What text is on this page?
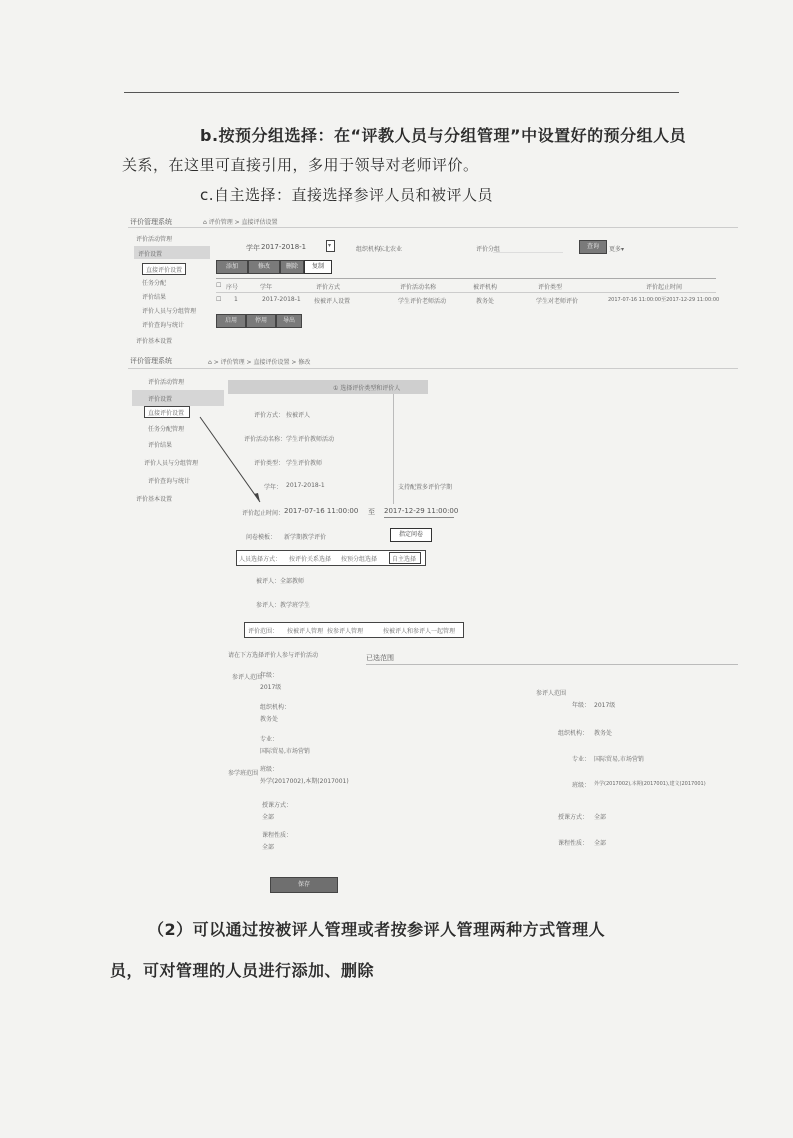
b.按预分组选择：在“评教人员与分组管理”中设置好的预分组人员
关系，在这里可直接引用，多用于领导对老师评价。
c.自主选择：直接选择参评人员和被评人员
评价管理系统	⌂ 评价管理 > 直接评估设置
评价活动管理
评价设置
直接评价设置
任务分配
评价结果
评价人员与分组管理
评价查询与统计
评价基本设置
学年 2017-2018-1	▾
组织机构
东北农业	评价分组	查询	更多▾
添加	修改	删除	复制
☐ 序号	学年	评价方式	评价活动名称	被评机构	评价类型	评价起止时间
☐ 1	2017-2018-1 按被评人设置	学生评价老师活动	教务处	学生对老师评价	2017-07-16 11:00:00至2017-12-29 11:00:00
启用	停用	导出
评价管理系统	⌂ > 评价管理 > 直接评价设置 > 修改
评价活动管理
评价设置
直接评价设置
任务分配管理
评价结果
评价人员与分组管理
评价查询与统计
评价基本设置
① 选择评价类型和评价人
评价方式： 按被评人
评价活动名称： 学生评价教师活动
评价类型： 学生评价教师
学年： 2017-2018-1	支持配置多评价学期
评价起止时间： 2017-07-16 11:00:00 至 2017-12-29 11:00:00
问卷模板： 新学期教学评价	指定问卷
人员选择方式： 按评价关系选择 按预分组选择 自主选择
被评人： 全部教师
参评人： 教学班学生
评价范围： 按被评人管理 按参评人管理	按被评人和参评人一起管理
请在下方选择评价人参与评价活动	已选范围
参评人范围
年级：
2017级
组织机构：
教务处
专业：
国际贸易,市场营销
参学班范围
班级：
外学(2017002),本期(2017001)
授课方式：
全部
课程性质：
全部
参评人范围
年级： 2017级
组织机构： 教务处
专业： 国际贸易,市场营销
班级： 外学(2017002),本期(2017001),建文(2017001)
授课方式： 全部
课程性质： 全部
保存
（2）可以通过按被评人管理或者按参评人管理两种方式管理人
员，可对管理的人员进行添加、删除
